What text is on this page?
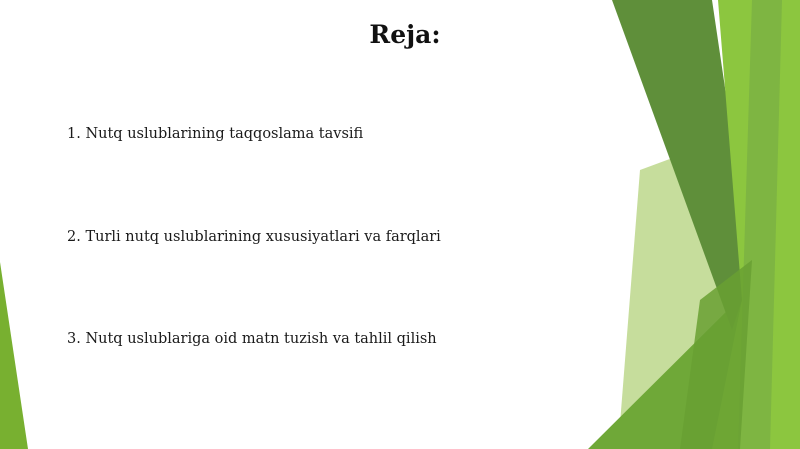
Reja:
1. Nutq uslublarining taqqoslama tavsifi
2. Turli nutq uslublarining xususiyatlari va farqlari
3. Nutq uslublariga oid matn tuzish va tahlil qilish
